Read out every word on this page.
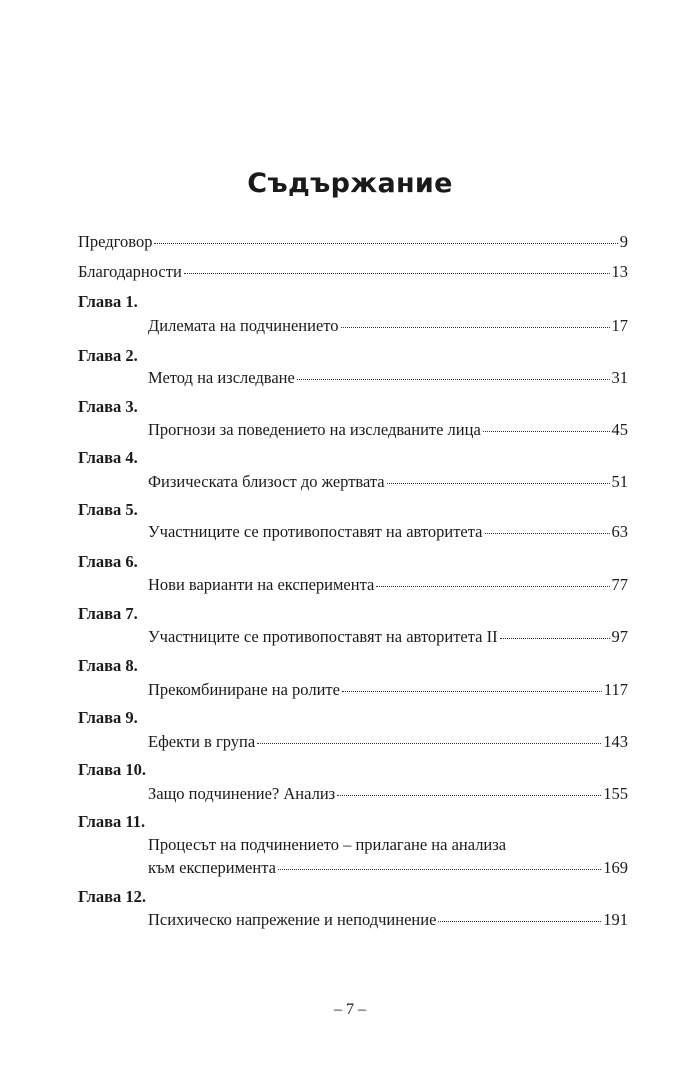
Съдържание
Предговор	9
Благодарности	13
Глава 1.
Дилемата на подчинението	17
Глава 2.
Метод на изследване	31
Глава 3.
Прогнози за поведението на изследваните лица	45
Глава 4.
Физическата близост до жертвата	51
Глава 5.
Участниците се противопоставят на авторитета	63
Глава 6.
Нови варианти на експеримента	77
Глава 7.
Участниците се противопоставят на авторитета II	97
Глава 8.
Прекомбиниране на ролите	117
Глава 9.
Ефекти в група	143
Глава 10.
Защо подчинение? Анализ	155
Глава 11.
Процесът на подчинението – прилагане на анализа
към експеримента	169
Глава 12.
Психическо напрежение и неподчинение	191
– 7 –
